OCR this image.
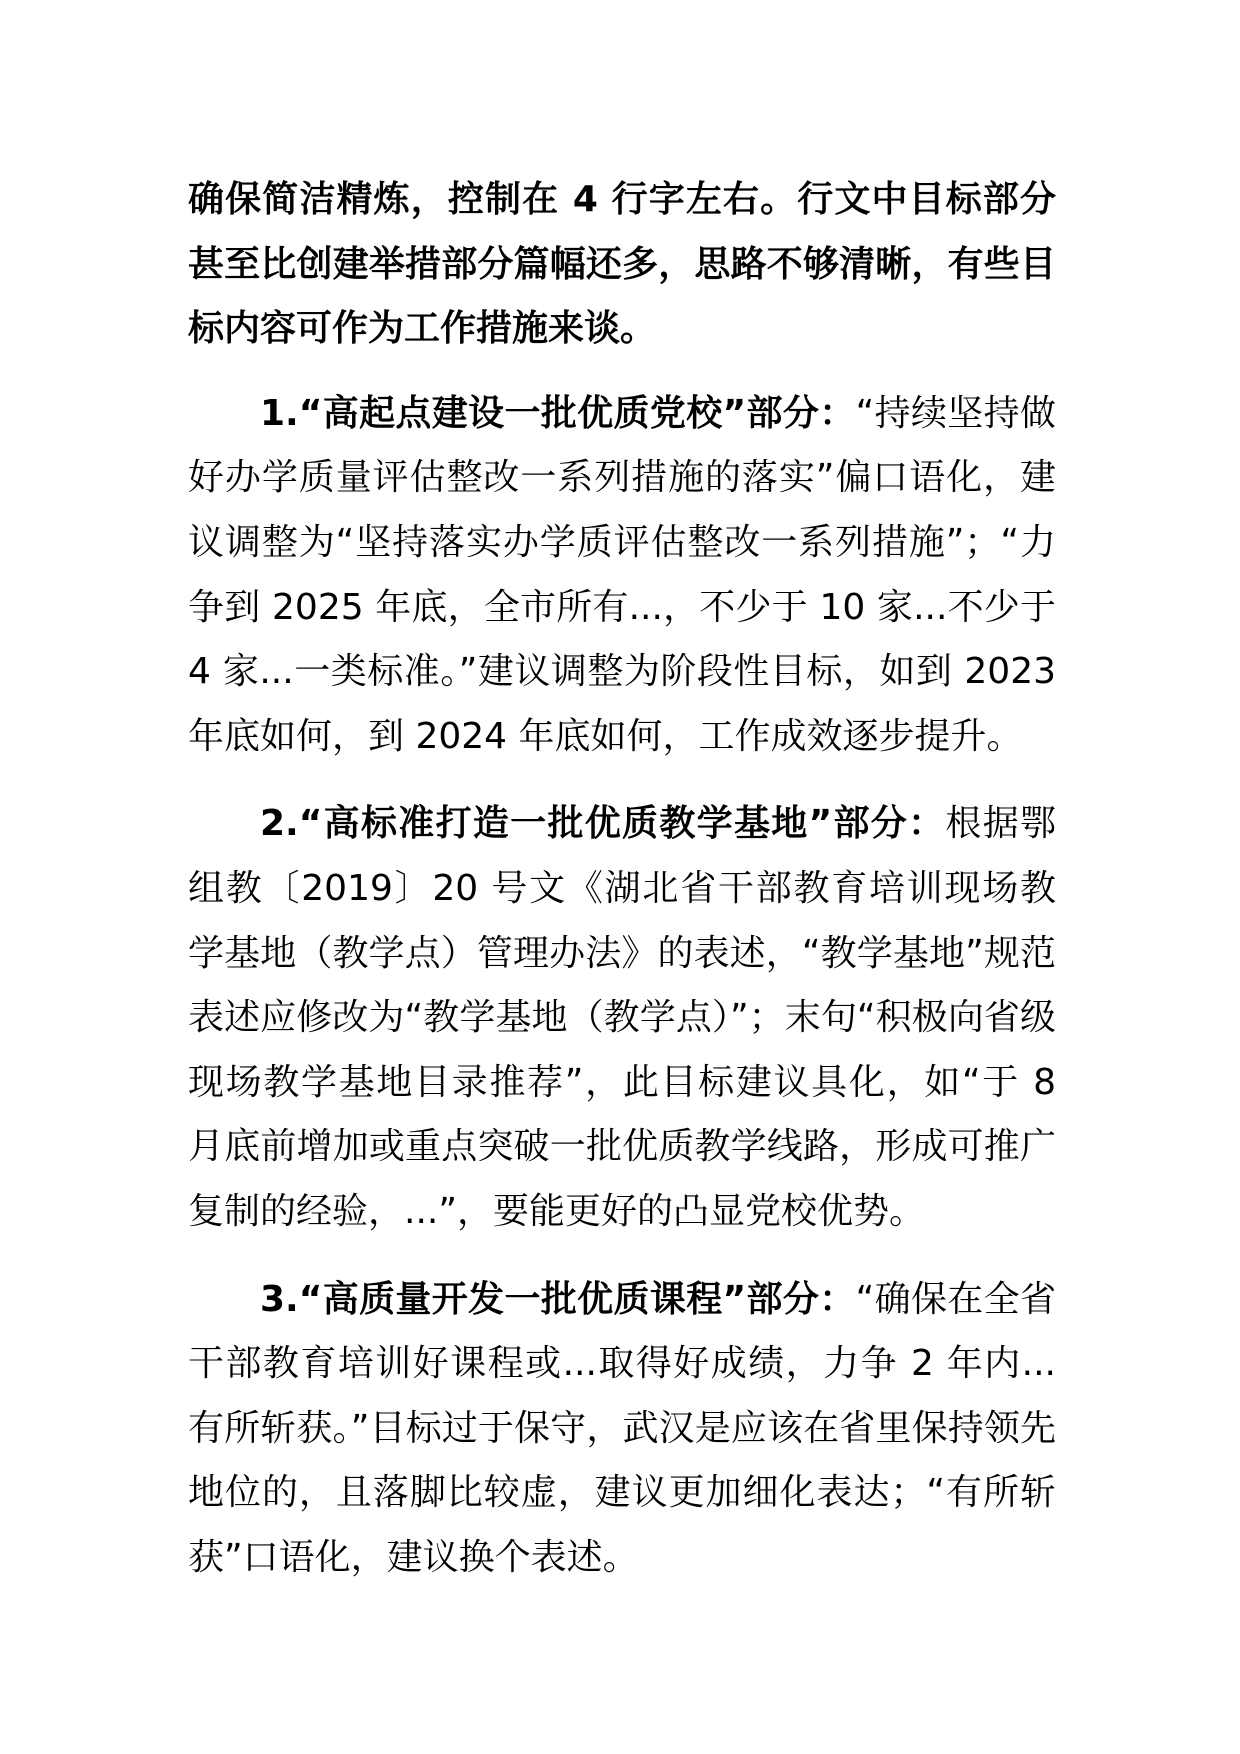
确保简洁精炼，控制在 4 行字左右。行文中目标部分甚至比创建举措部分篇幅还多，思路不够清晰，有些目标内容可作为工作措施来谈。

1.“高起点建设一批优质党校”部分：“持续坚持做好办学质量评估整改一系列措施的落实”偏口语化，建议调整为“坚持落实办学质评估整改一系列措施”；“力争到 2025 年底，全市所有...，不少于 10 家...不少于 4 家...一类标准。”建议调整为阶段性目标，如到 2023 年底如何，到 2024 年底如何，工作成效逐步提升。

2.“高标准打造一批优质教学基地”部分：根据鄂组教〔2019〕20 号文《湖北省干部教育培训现场教学基地（教学点）管理办法》的表述，“教学基地”规范表述应修改为“教学基地（教学点）”；末句“积极向省级现场教学基地目录推荐”，此目标建议具化，如“于 8 月底前增加或重点突破一批优质教学线路，形成可推广复制的经验，...”，要能更好的凸显党校优势。

3.“高质量开发一批优质课程”部分：“确保在全省干部教育培训好课程或...取得好成绩，力争 2 年内...有所斩获。”目标过于保守，武汉是应该在省里保持领先地位的，且落脚比较虚，建议更加细化表达；“有所斩获”口语化，建议换个表述。
